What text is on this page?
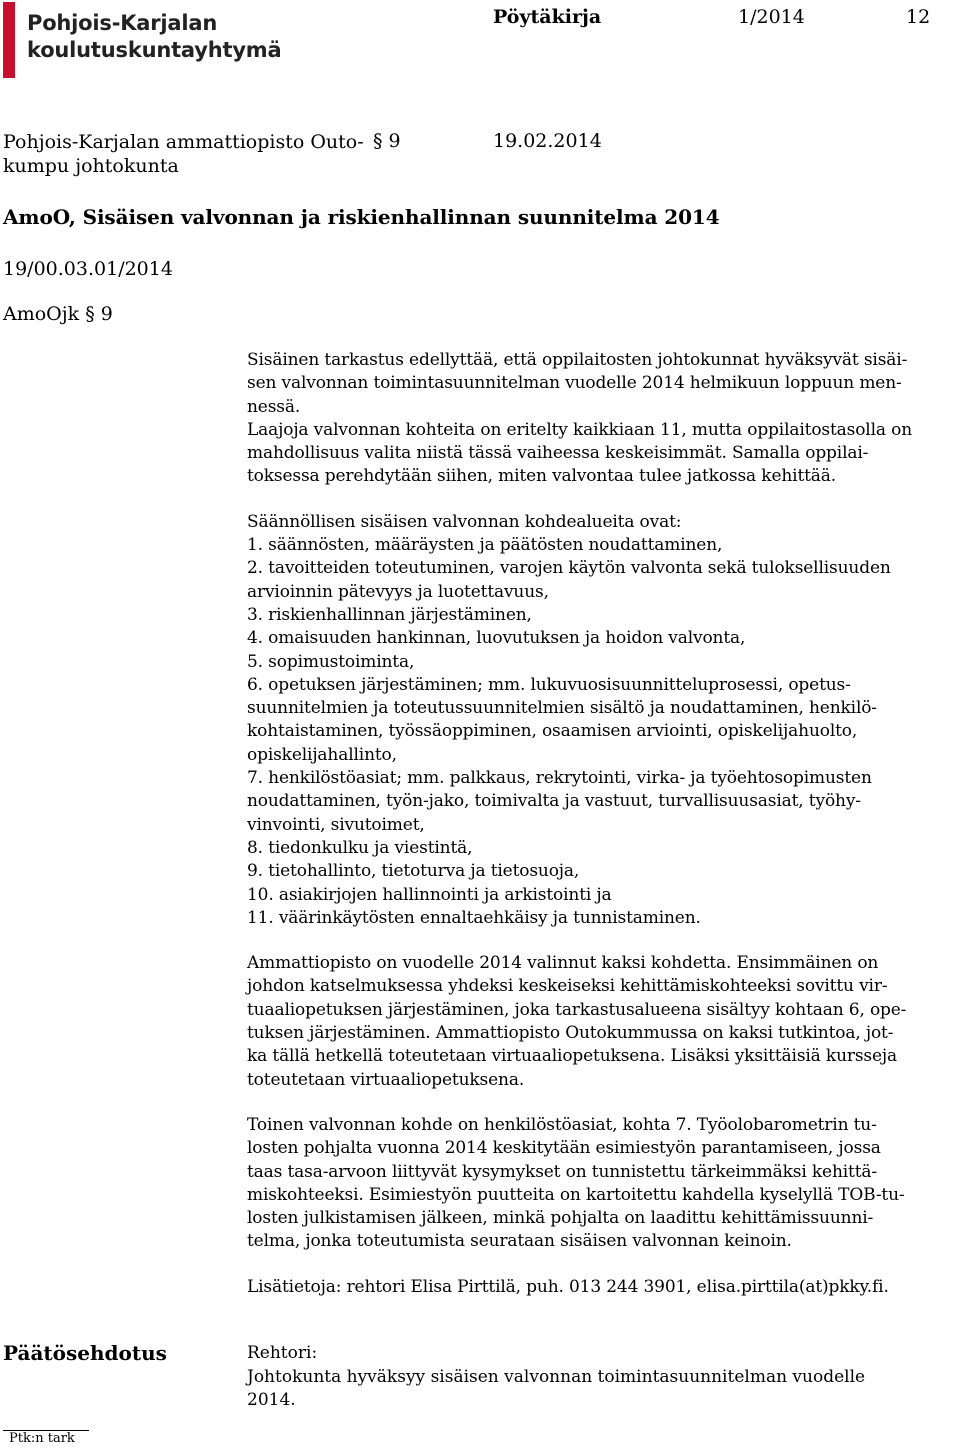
Pohjois-Karjalan
koulutuskuntayhtymä
Pöytäkirja	1/2014	12
Pohjois-Karjalan ammattiopisto Outo-
kumpu johtokunta
§ 9	19.02.2014
AmoO, Sisäisen valvonnan ja riskienhallinnan suunnitelma 2014
19/00.03.01/2014
AmoOjk § 9

Sisäinen tarkastus edellyttää, että oppilaitosten johtokunnat hyväksyvät sisäi-

sen valvonnan toimintasuunnitelman vuodelle 2014 helmikuun loppuun men-

nessä.

Laajoja valvonnan kohteita on eritelty kaikkiaan 11, mutta oppilaitostasolla on

mahdollisuus valita niistä tässä vaiheessa keskeisimmät. Samalla oppilai-

toksessa perehdytään siihen, miten valvontaa tulee jatkossa kehittää.

Säännöllisen sisäisen valvonnan kohdealueita ovat:

1. säännösten, määräysten ja päätösten noudattaminen,

2. tavoitteiden toteutuminen, varojen käytön valvonta sekä tuloksellisuuden

arvioinnin pätevyys ja luotettavuus,

3. riskienhallinnan järjestäminen,

4. omaisuuden hankinnan, luovutuksen ja hoidon valvonta,

5. sopimustoiminta,

6. opetuksen järjestäminen; mm. lukuvuosisuunnitteluprosessi, opetus-

suunnitelmien ja toteutussuunnitelmien sisältö ja noudattaminen, henkilö-

kohtaistaminen, työssäoppiminen, osaamisen arviointi, opiskelijahuolto,

opiskelijahallinto,

7. henkilöstöasiat; mm. palkkaus, rekrytointi, virka- ja työehtosopimusten

noudattaminen, työn-jako, toimivalta ja vastuut, turvallisuusasiat, työhy-

vinvointi, sivutoimet,

8. tiedonkulku ja viestintä,

9. tietohallinto, tietoturva ja tietosuoja,

10. asiakirjojen hallinnointi ja arkistointi ja

11. väärinkäytösten ennaltaehkäisy ja tunnistaminen.

Ammattiopisto on vuodelle 2014 valinnut kaksi kohdetta. Ensimmäinen on

johdon katselmuksessa yhdeksi keskeiseksi kehittämiskohteeksi sovittu vir-

tuaaliopetuksen järjestäminen, joka tarkastusalueena sisältyy kohtaan 6, ope-

tuksen järjestäminen. Ammattiopisto Outokummussa on kaksi tutkintoa, jot-

ka tällä hetkellä toteutetaan virtuaaliopetuksena. Lisäksi yksittäisiä kursseja

toteutetaan virtuaaliopetuksena.

Toinen valvonnan kohde on henkilöstöasiat, kohta 7. Työolobarometrin tu-

losten pohjalta vuonna 2014 keskitytään esimiestyön parantamiseen, jossa

taas tasa-arvoon liittyvät kysymykset on tunnistettu tärkeimmäksi kehittä-

miskohteeksi. Esimiestyön puutteita on kartoitettu kahdella kyselyllä TOB-tu-

losten julkistamisen jälkeen, minkä pohjalta on laadittu kehittämissuunni-

telma, jonka toteutumista seurataan sisäisen valvonnan keinoin.

Lisätietoja: rehtori Elisa Pirttilä, puh. 013 244 3901, elisa.pirttila(at)pkky.fi.

Päätösehdotus	Rehtori:
Johtokunta hyväksyy sisäisen valvonnan toimintasuunnitelman vuodelle
2014.
Ptk:n tark
